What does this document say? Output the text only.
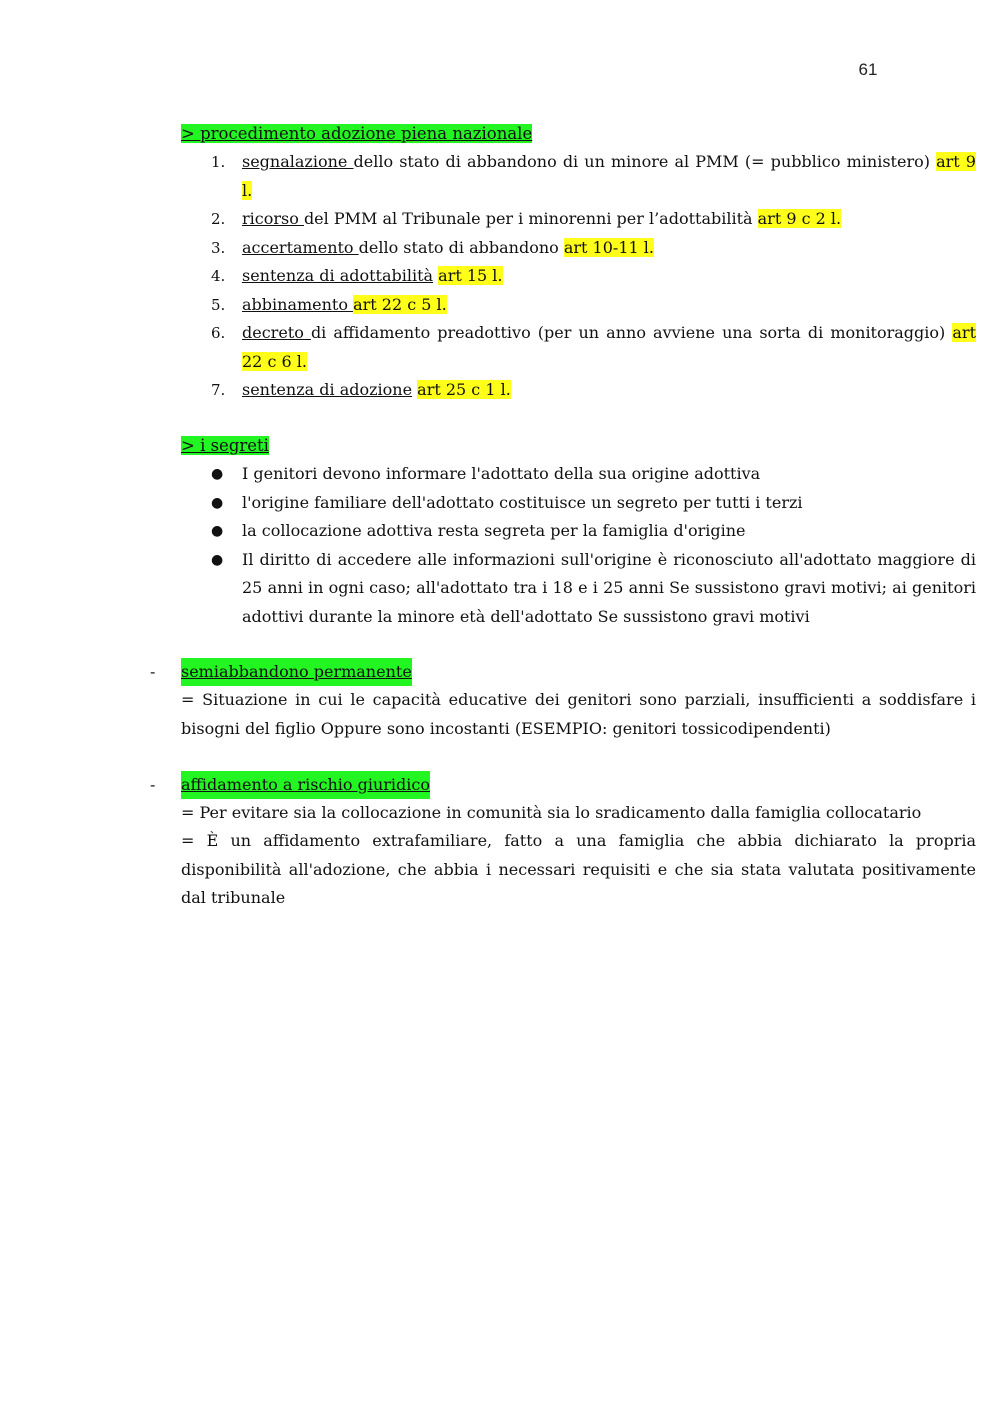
61
> procedimento adozione piena nazionale
1. segnalazione dello stato di abbandono di un minore al PMM (= pubblico ministero) art 9 l.
2. ricorso del PMM al Tribunale per i minorenni per l’adottabilità art 9 c 2 l.
3. accertamento dello stato di abbandono art 10-11 l.
4. sentenza di adottabilità art 15 l.
5. abbinamento art 22 c 5 l.
6. decreto di affidamento preadottivo (per un anno avviene una sorta di monitoraggio) art 22 c 6 l.
7. sentenza di adozione art 25 c 1 l.
> i segreti
● I genitori devono informare l'adottato della sua origine adottiva
● l'origine familiare dell'adottato costituisce un segreto per tutti i terzi
● la collocazione adottiva resta segreta per la famiglia d'origine
● Il diritto di accedere alle informazioni sull'origine è riconosciuto all'adottato maggiore di 25 anni in ogni caso; all'adottato tra i 18 e i 25 anni Se sussistono gravi motivi; ai genitori adottivi durante la minore età dell'adottato Se sussistono gravi motivi
- semiabbandono permanente
= Situazione in cui le capacità educative dei genitori sono parziali, insufficienti a soddisfare i bisogni del figlio Oppure sono incostanti (ESEMPIO: genitori tossicodipendenti)
- affidamento a rischio giuridico
= Per evitare sia la collocazione in comunità sia lo sradicamento dalla famiglia collocatario
= È un affidamento extrafamiliare, fatto a una famiglia che abbia dichiarato la propria disponibilità all'adozione, che abbia i necessari requisiti e che sia stata valutata positivamente dal tribunale
